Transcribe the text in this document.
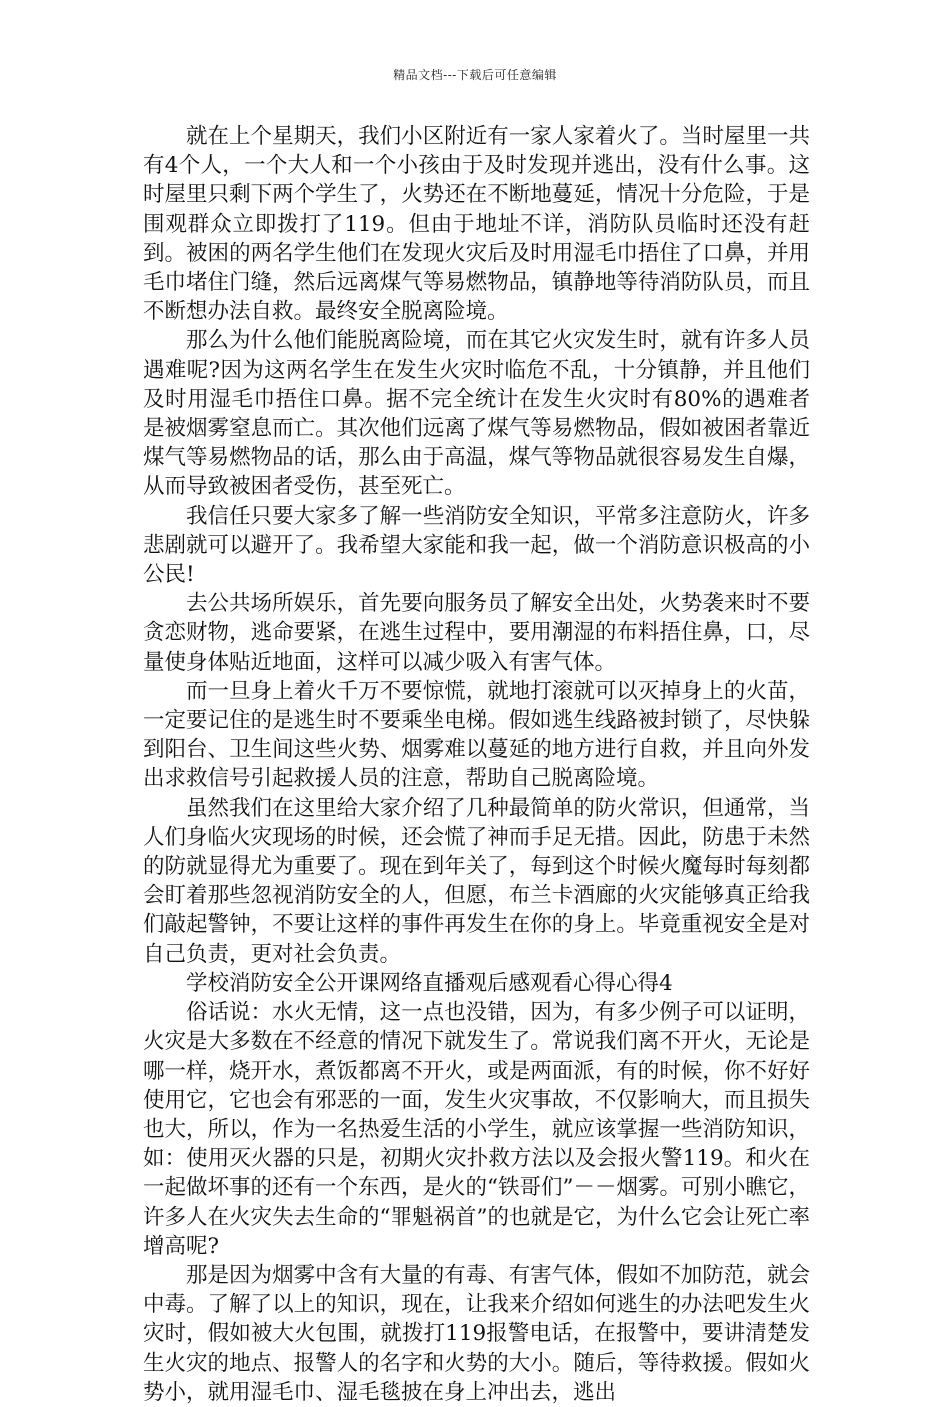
精品文档---下载后可任意编辑

就在上个星期天，我们小区附近有一家人家着火了。当时屋里一共有4个人，一个大人和一个小孩由于及时发现并逃出，没有什么事。这时屋里只剩下两个学生了，火势还在不断地蔓延，情况十分危险，于是围观群众立即拨打了119。但由于地址不详，消防队员临时还没有赶到。被困的两名学生他们在发现火灾后及时用湿毛巾捂住了口鼻，并用毛巾堵住门缝，然后远离煤气等易燃物品，镇静地等待消防队员，而且不断想办法自救。最终安全脱离险境。

那么为什么他们能脱离险境，而在其它火灾发生时，就有许多人员遇难呢?因为这两名学生在发生火灾时临危不乱，十分镇静，并且他们及时用湿毛巾捂住口鼻。据不完全统计在发生火灾时有80%的遇难者是被烟雾窒息而亡。其次他们远离了煤气等易燃物品，假如被困者靠近煤气等易燃物品的话，那么由于高温，煤气等物品就很容易发生自爆，从而导致被困者受伤，甚至死亡。

我信任只要大家多了解一些消防安全知识，平常多注意防火，许多悲剧就可以避开了。我希望大家能和我一起，做一个消防意识极高的小公民!

去公共场所娱乐，首先要向服务员了解安全出处，火势袭来时不要贪恋财物，逃命要紧，在逃生过程中，要用潮湿的布料捂住鼻，口，尽量使身体贴近地面，这样可以减少吸入有害气体。

而一旦身上着火千万不要惊慌，就地打滚就可以灭掉身上的火苗，一定要记住的是逃生时不要乘坐电梯。假如逃生线路被封锁了，尽快躲到阳台、卫生间这些火势、烟雾难以蔓延的地方进行自救，并且向外发出求救信号引起救援人员的注意，帮助自己脱离险境。

虽然我们在这里给大家介绍了几种最简单的防火常识，但通常，当人们身临火灾现场的时候，还会慌了神而手足无措。因此，防患于未然的防就显得尤为重要了。现在到年关了，每到这个时候火魔每时每刻都会盯着那些忽视消防安全的人，但愿，布兰卡酒廊的火灾能够真正给我们敲起警钟，不要让这样的事件再发生在你的身上。毕竟重视安全是对自己负责，更对社会负责。

学校消防安全公开课网络直播观后感观看心得心得4

俗话说：水火无情，这一点也没错，因为，有多少例子可以证明，火灾是大多数在不经意的情况下就发生了。常说我们离不开火，无论是哪一样，烧开水，煮饭都离不开火，或是两面派，有的时候，你不好好使用它，它也会有邪恶的一面，发生火灾事故，不仅影响大，而且损失也大，所以，作为一名热爱生活的小学生，就应该掌握一些消防知识，如：使用灭火器的只是，初期火灾扑救方法以及会报火警119。和火在一起做坏事的还有一个东西，是火的“铁哥们”－－烟雾。可别小瞧它，许多人在火灾失去生命的“罪魁祸首”的也就是它，为什么它会让死亡率增高呢?

那是因为烟雾中含有大量的有毒、有害气体，假如不加防范，就会中毒。了解了以上的知识，现在，让我来介绍如何逃生的办法吧发生火灾时，假如被大火包围，就拨打119报警电话，在报警中，要讲清楚发生火灾的地点、报警人的名字和火势的大小。随后，等待救援。假如火势小，就用湿毛巾、湿毛毯披在身上冲出去，逃出
